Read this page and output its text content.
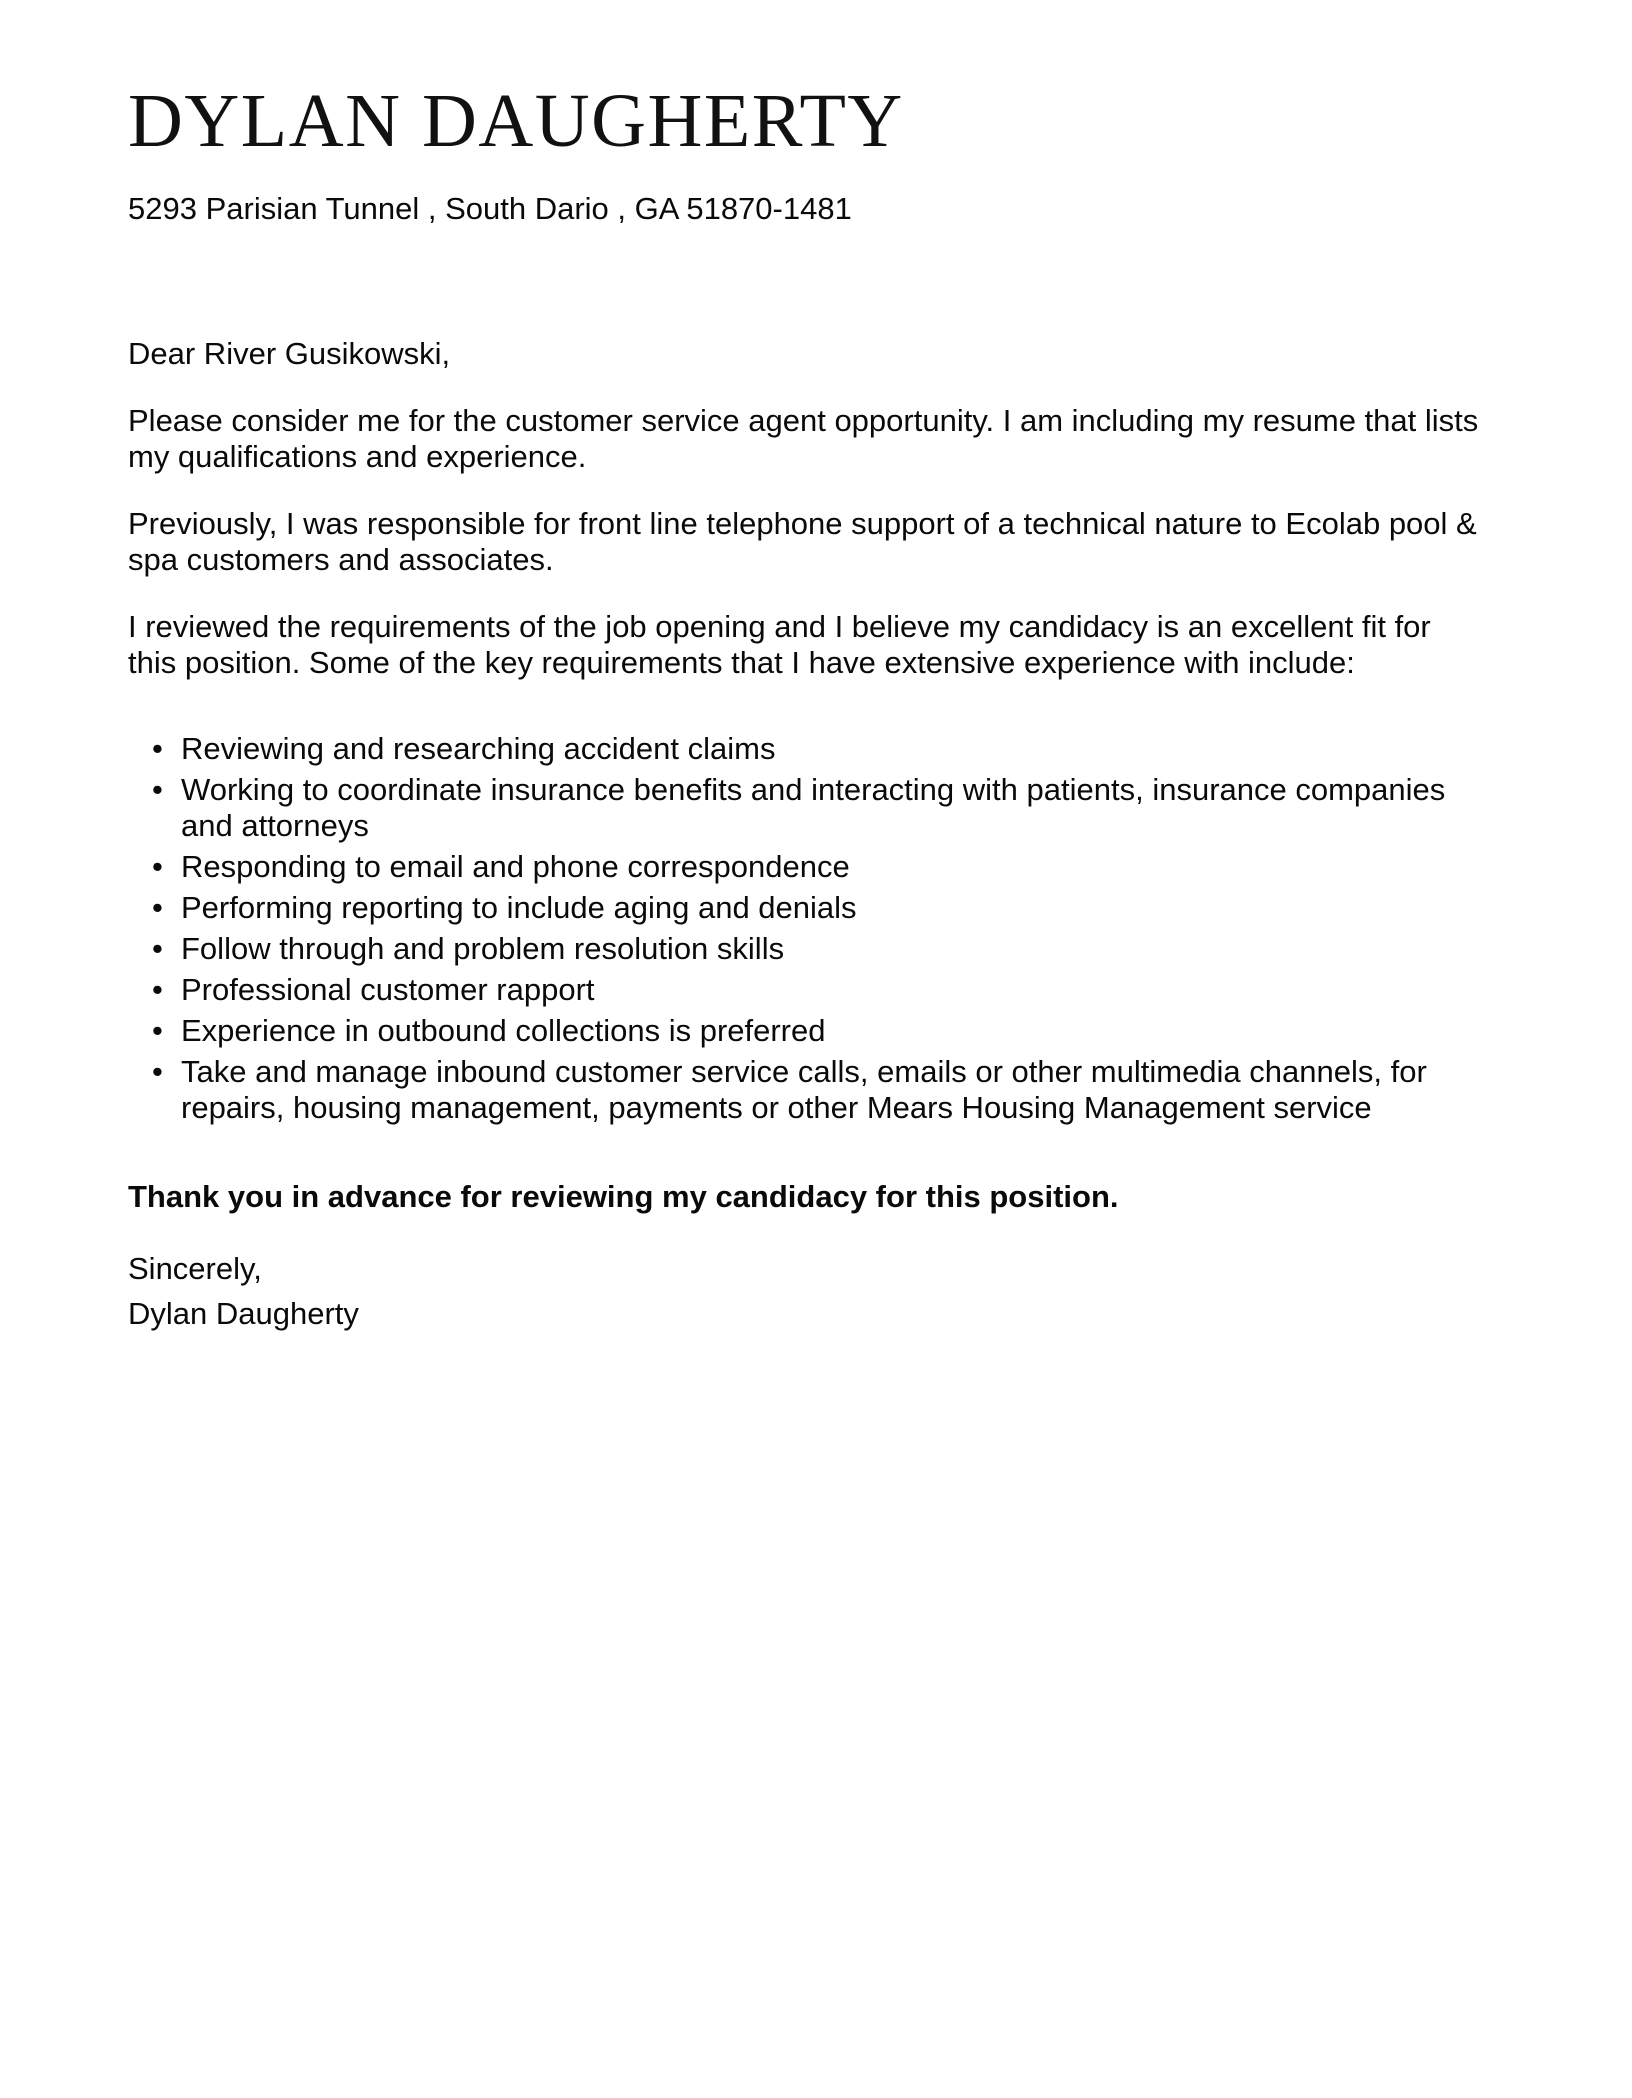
DYLAN DAUGHERTY
5293 Parisian Tunnel , South Dario , GA 51870-1481

Dear River Gusikowski,

Please consider me for the customer service agent opportunity. I am including my resume that lists my qualifications and experience.

Previously, I was responsible for front line telephone support of a technical nature to Ecolab pool & spa customers and associates.

I reviewed the requirements of the job opening and I believe my candidacy is an excellent fit for this position. Some of the key requirements that I have extensive experience with include:

• Reviewing and researching accident claims
• Working to coordinate insurance benefits and interacting with patients, insurance companies and attorneys
• Responding to email and phone correspondence
• Performing reporting to include aging and denials
• Follow through and problem resolution skills
• Professional customer rapport
• Experience in outbound collections is preferred
• Take and manage inbound customer service calls, emails or other multimedia channels, for repairs, housing management, payments or other Mears Housing Management service

Thank you in advance for reviewing my candidacy for this position.

Sincerely,
Dylan Daugherty
